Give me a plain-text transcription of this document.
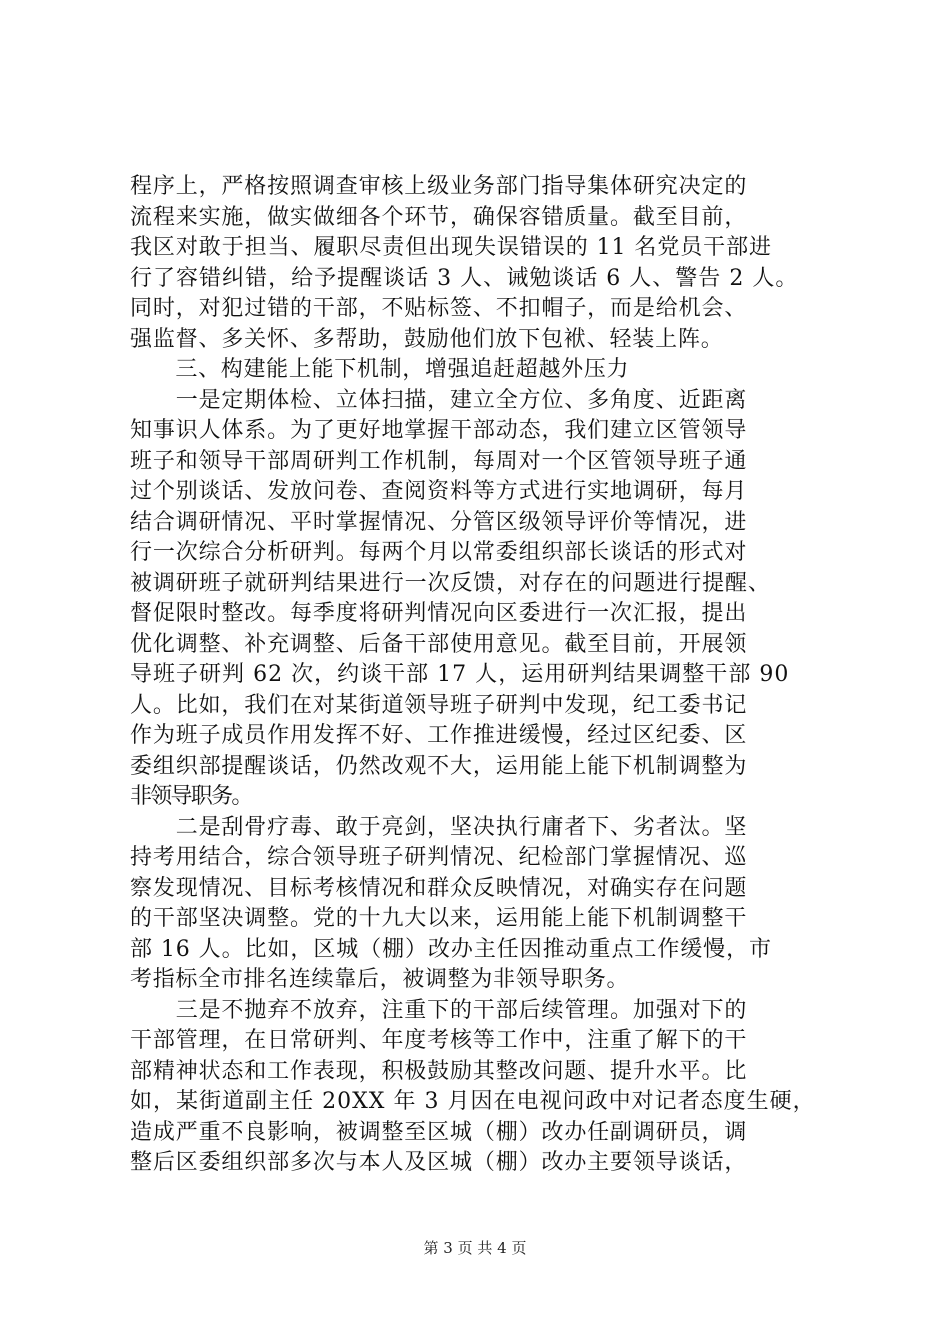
程序上，严格按照调查审核上级业务部门指导集体研究决定的
流程来实施，做实做细各个环节，确保容错质量。截至目前，
我区对敢于担当、履职尽责但出现失误错误的 11 名党员干部进
行了容错纠错，给予提醒谈话 3 人、诫勉谈话 6 人、警告 2 人。
同时，对犯过错的干部，不贴标签、不扣帽子，而是给机会、
强监督、多关怀、多帮助，鼓励他们放下包袱、轻装上阵。
　　三、构建能上能下机制，增强追赶超越外压力
　　一是定期体检、立体扫描，建立全方位、多角度、近距离
知事识人体系。为了更好地掌握干部动态，我们建立区管领导
班子和领导干部周研判工作机制，每周对一个区管领导班子通
过个别谈话、发放问卷、查阅资料等方式进行实地调研，每月
结合调研情况、平时掌握情况、分管区级领导评价等情况，进
行一次综合分析研判。每两个月以常委组织部长谈话的形式对
被调研班子就研判结果进行一次反馈，对存在的问题进行提醒、
督促限时整改。每季度将研判情况向区委进行一次汇报，提出
优化调整、补充调整、后备干部使用意见。截至目前，开展领
导班子研判 62 次，约谈干部 17 人，运用研判结果调整干部 90
人。比如，我们在对某街道领导班子研判中发现，纪工委书记
作为班子成员作用发挥不好、工作推进缓慢，经过区纪委、区
委组织部提醒谈话，仍然改观不大，运用能上能下机制调整为
非领导职务。
　　二是刮骨疗毒、敢于亮剑，坚决执行庸者下、劣者汰。坚
持考用结合，综合领导班子研判情况、纪检部门掌握情况、巡
察发现情况、目标考核情况和群众反映情况，对确实存在问题
的干部坚决调整。党的十九大以来，运用能上能下机制调整干
部 16 人。比如，区城（棚）改办主任因推动重点工作缓慢，市
考指标全市排名连续靠后，被调整为非领导职务。
　　三是不抛弃不放弃，注重下的干部后续管理。加强对下的
干部管理，在日常研判、年度考核等工作中，注重了解下的干
部精神状态和工作表现，积极鼓励其整改问题、提升水平。比
如，某街道副主任 20XX 年 3 月因在电视问政中对记者态度生硬，
造成严重不良影响，被调整至区城（棚）改办任副调研员，调
整后区委组织部多次与本人及区城（棚）改办主要领导谈话，
第 3 页 共 4 页
